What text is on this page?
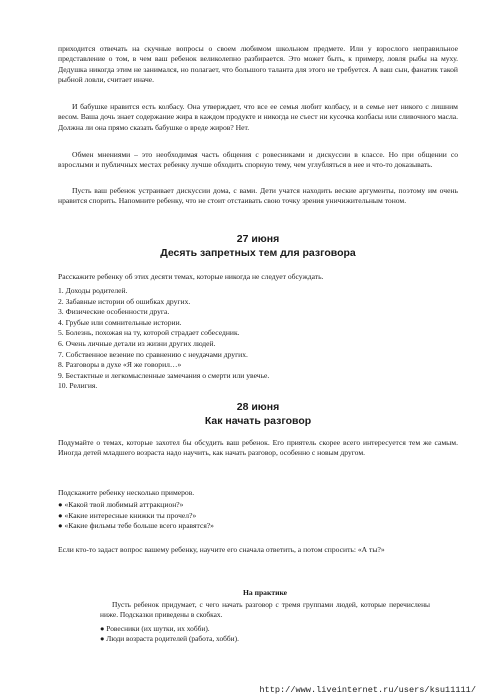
приходится отвечать на скучные вопросы о своем любимом школьном предмете. Или у взрослого неправильное представление о том, в чем ваш ребенок великолепно разбирается. Это может быть, к примеру, ловля рыбы на муху. Дедушка никогда этим не занимался, но полагает, что большого таланта для этого не требуется. А ваш сын, фанатик такой рыбной ловли, считает иначе.

И бабушке нравится есть колбасу. Она утверждает, что все ее семья любит колбасу, и в семье нет никого с лишним весом. Ваша дочь знает содержание жира в каждом продукте и никогда не съест ни кусочка колбасы или сливочного масла. Должна ли она прямо сказать бабушке о вреде жиров? Нет.

Обмен мнениями – это необходимая часть общения с ровесниками и дискуссии в классе. Но при общении со взрослыми и публичных местах ребенку лучше обходить спорную тему, чем углубляться в нее и что-то доказывать.

Пусть ваш ребенок устраивает дискуссии дома, с вами. Дети учатся находить веские аргументы, поэтому им очень нравится спорить. Напомните ребенку, что не стоит отстаивать свою точку зрения уничижительным тоном.

27 июня
Десять запретных тем для разговора

Расскажите ребенку об этих десяти темах, которые никогда не следует обсуждать.

1. Доходы родителей.
2. Забавные истории об ошибках других.
3. Физические особенности друга.
4. Грубые или сомнительные истории.
5. Болезнь, похожая на ту, которой страдает собеседник.
6. Очень личные детали из жизни других людей.
7. Собственное везение по сравнению с неудачами других.
8. Разговоры в духе «Я же говорил…»
9. Бестактные и легкомысленные замечания о смерти или увечье.
10. Религия.
28 июня
Как начать разговор

Подумайте о темах, которые захотел бы обсудить ваш ребенок. Его приятель скорее всего интересуется тем же самым. Иногда детей младшего возраста надо научить, как начать разговор, особенно с новым другом.

Подскажите ребенку несколько примеров.

● «Какой твой любимый аттракцион?»
● «Какие интересные книжки ты прочел?»
● «Какие фильмы тебе больше всего нравятся?»

Если кто-то задаст вопрос вашему ребенку, научите его сначала ответить, а потом спросить: «А ты?»

На практике
Пусть ребенок придумает, с чего начать разговор с тремя группами людей, которые перечислены ниже. Подсказки приведены в скобках.
● Ровесники (их шутки, их хобби).
● Люди возраста родителей (работа, хобби).
http://www.liveinternet.ru/users/ksu11111/
